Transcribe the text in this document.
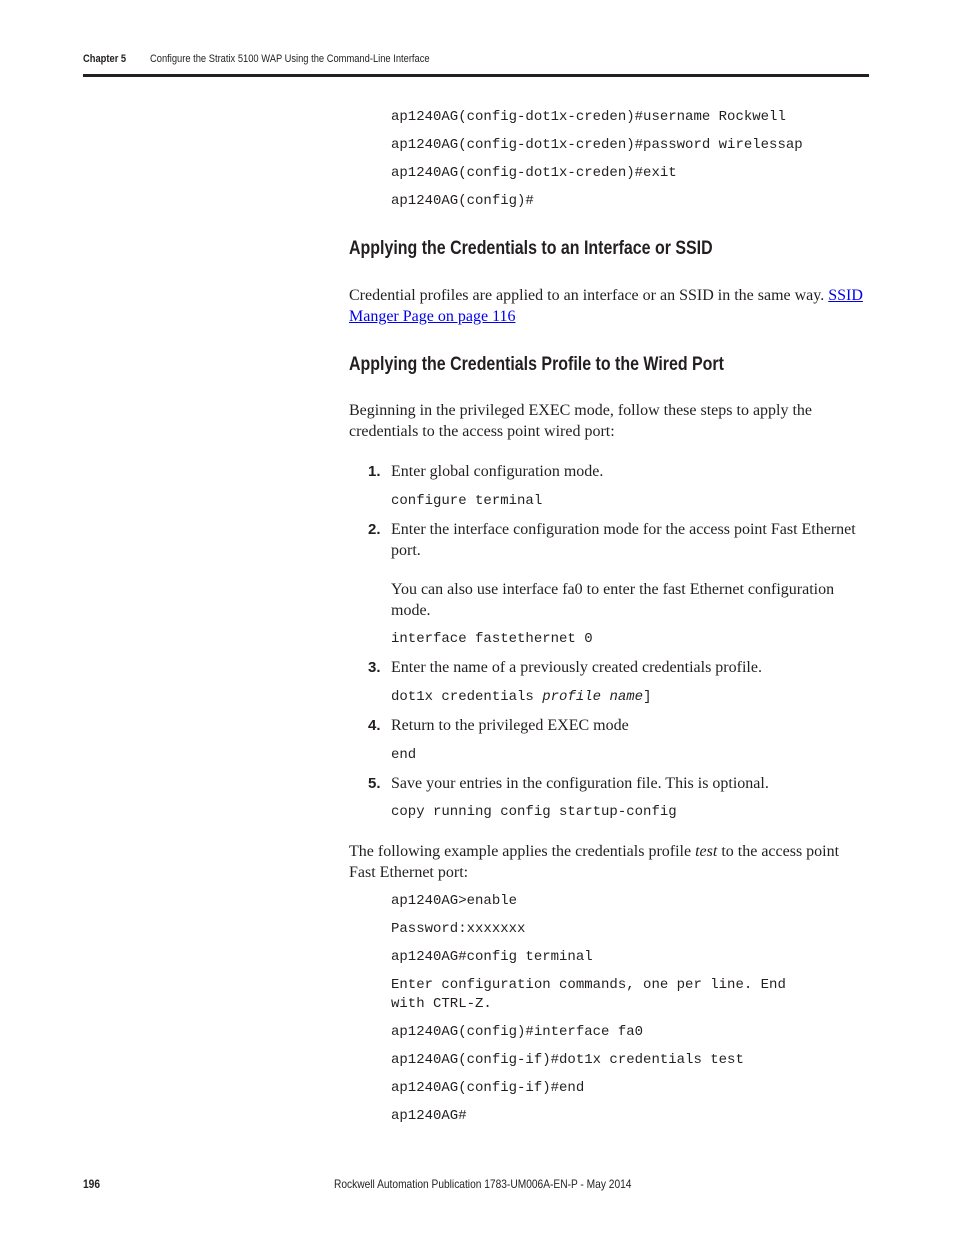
Chapter 5 Configure the Stratix 5100 WAP Using the Command-Line Interface
ap1240AG(config-dot1x-creden)#username Rockwell
ap1240AG(config-dot1x-creden)#password wirelessap
ap1240AG(config-dot1x-creden)#exit
ap1240AG(config)#
Applying the Credentials to an Interface or SSID
Credential profiles are applied to an interface or an SSID in the same way. SSID
Manger Page on page 116
Applying the Credentials Profile to the Wired Port
Beginning in the privileged EXEC mode, follow these steps to apply the credentials to the access point wired port:
1. Enter global configuration mode.
configure terminal
2. Enter the interface configuration mode for the access point Fast Ethernet port.
You can also use interface fa0 to enter the fast Ethernet configuration mode.
interface fastethernet 0
3. Enter the name of a previously created credentials profile.
dot1x credentials profile name]
4. Return to the privileged EXEC mode
end
5. Save your entries in the configuration file. This is optional.
copy running config startup-config
The following example applies the credentials profile test to the access point Fast Ethernet port:
ap1240AG>enable
Password:xxxxxxx
ap1240AG#config terminal
Enter configuration commands, one per line. End
with CTRL-Z.
ap1240AG(config)#interface fa0
ap1240AG(config-if)#dot1x credentials test
ap1240AG(config-if)#end
ap1240AG#
196	Rockwell Automation Publication 1783-UM006A-EN-P - May 2014
